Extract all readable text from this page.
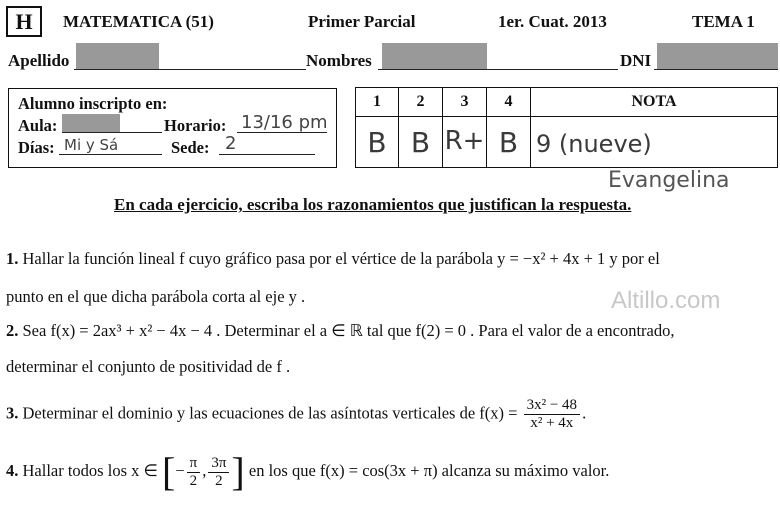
H	MATEMATICA (51)	Primer Parcial	1er. Cuat. 2013	TEMA 1
Apellido	Nombres	DNI
Alumno inscripto en:
Aula:	Horario: 13/16 pm
Días: Mi y Sá	Sede: 2
1	2	3	4	NOTA
B B R+ B 9 (nueve)
Evangelina
En cada ejercicio, escriba los razonamientos que justifican la respuesta.
Altillo.com
1. Hallar la función lineal f cuyo gráfico pasa por el vértice de la parábola y = −x² + 4x + 1 y por el
punto en el que dicha parábola corta al eje y .
2. Sea f(x) = 2ax³ + x² − 4x − 4 . Determinar el a ∈ ℝ tal que f(2) = 0 . Para el valor de a encontrado,
determinar el conjunto de positividad de f .
3. Determinar el dominio y las ecuaciones de las asíntotas verticales de $f(x) = \frac{\text{3x² − 48}}{\text{x² + 4x}}$ .
4. Hallar todos los x ∈ [− $\frac{\pi}{2}$ , $\frac{3\pi}{2}$ ] en los que f(x) = cos(3x + π) alcanza su máximo valor.
